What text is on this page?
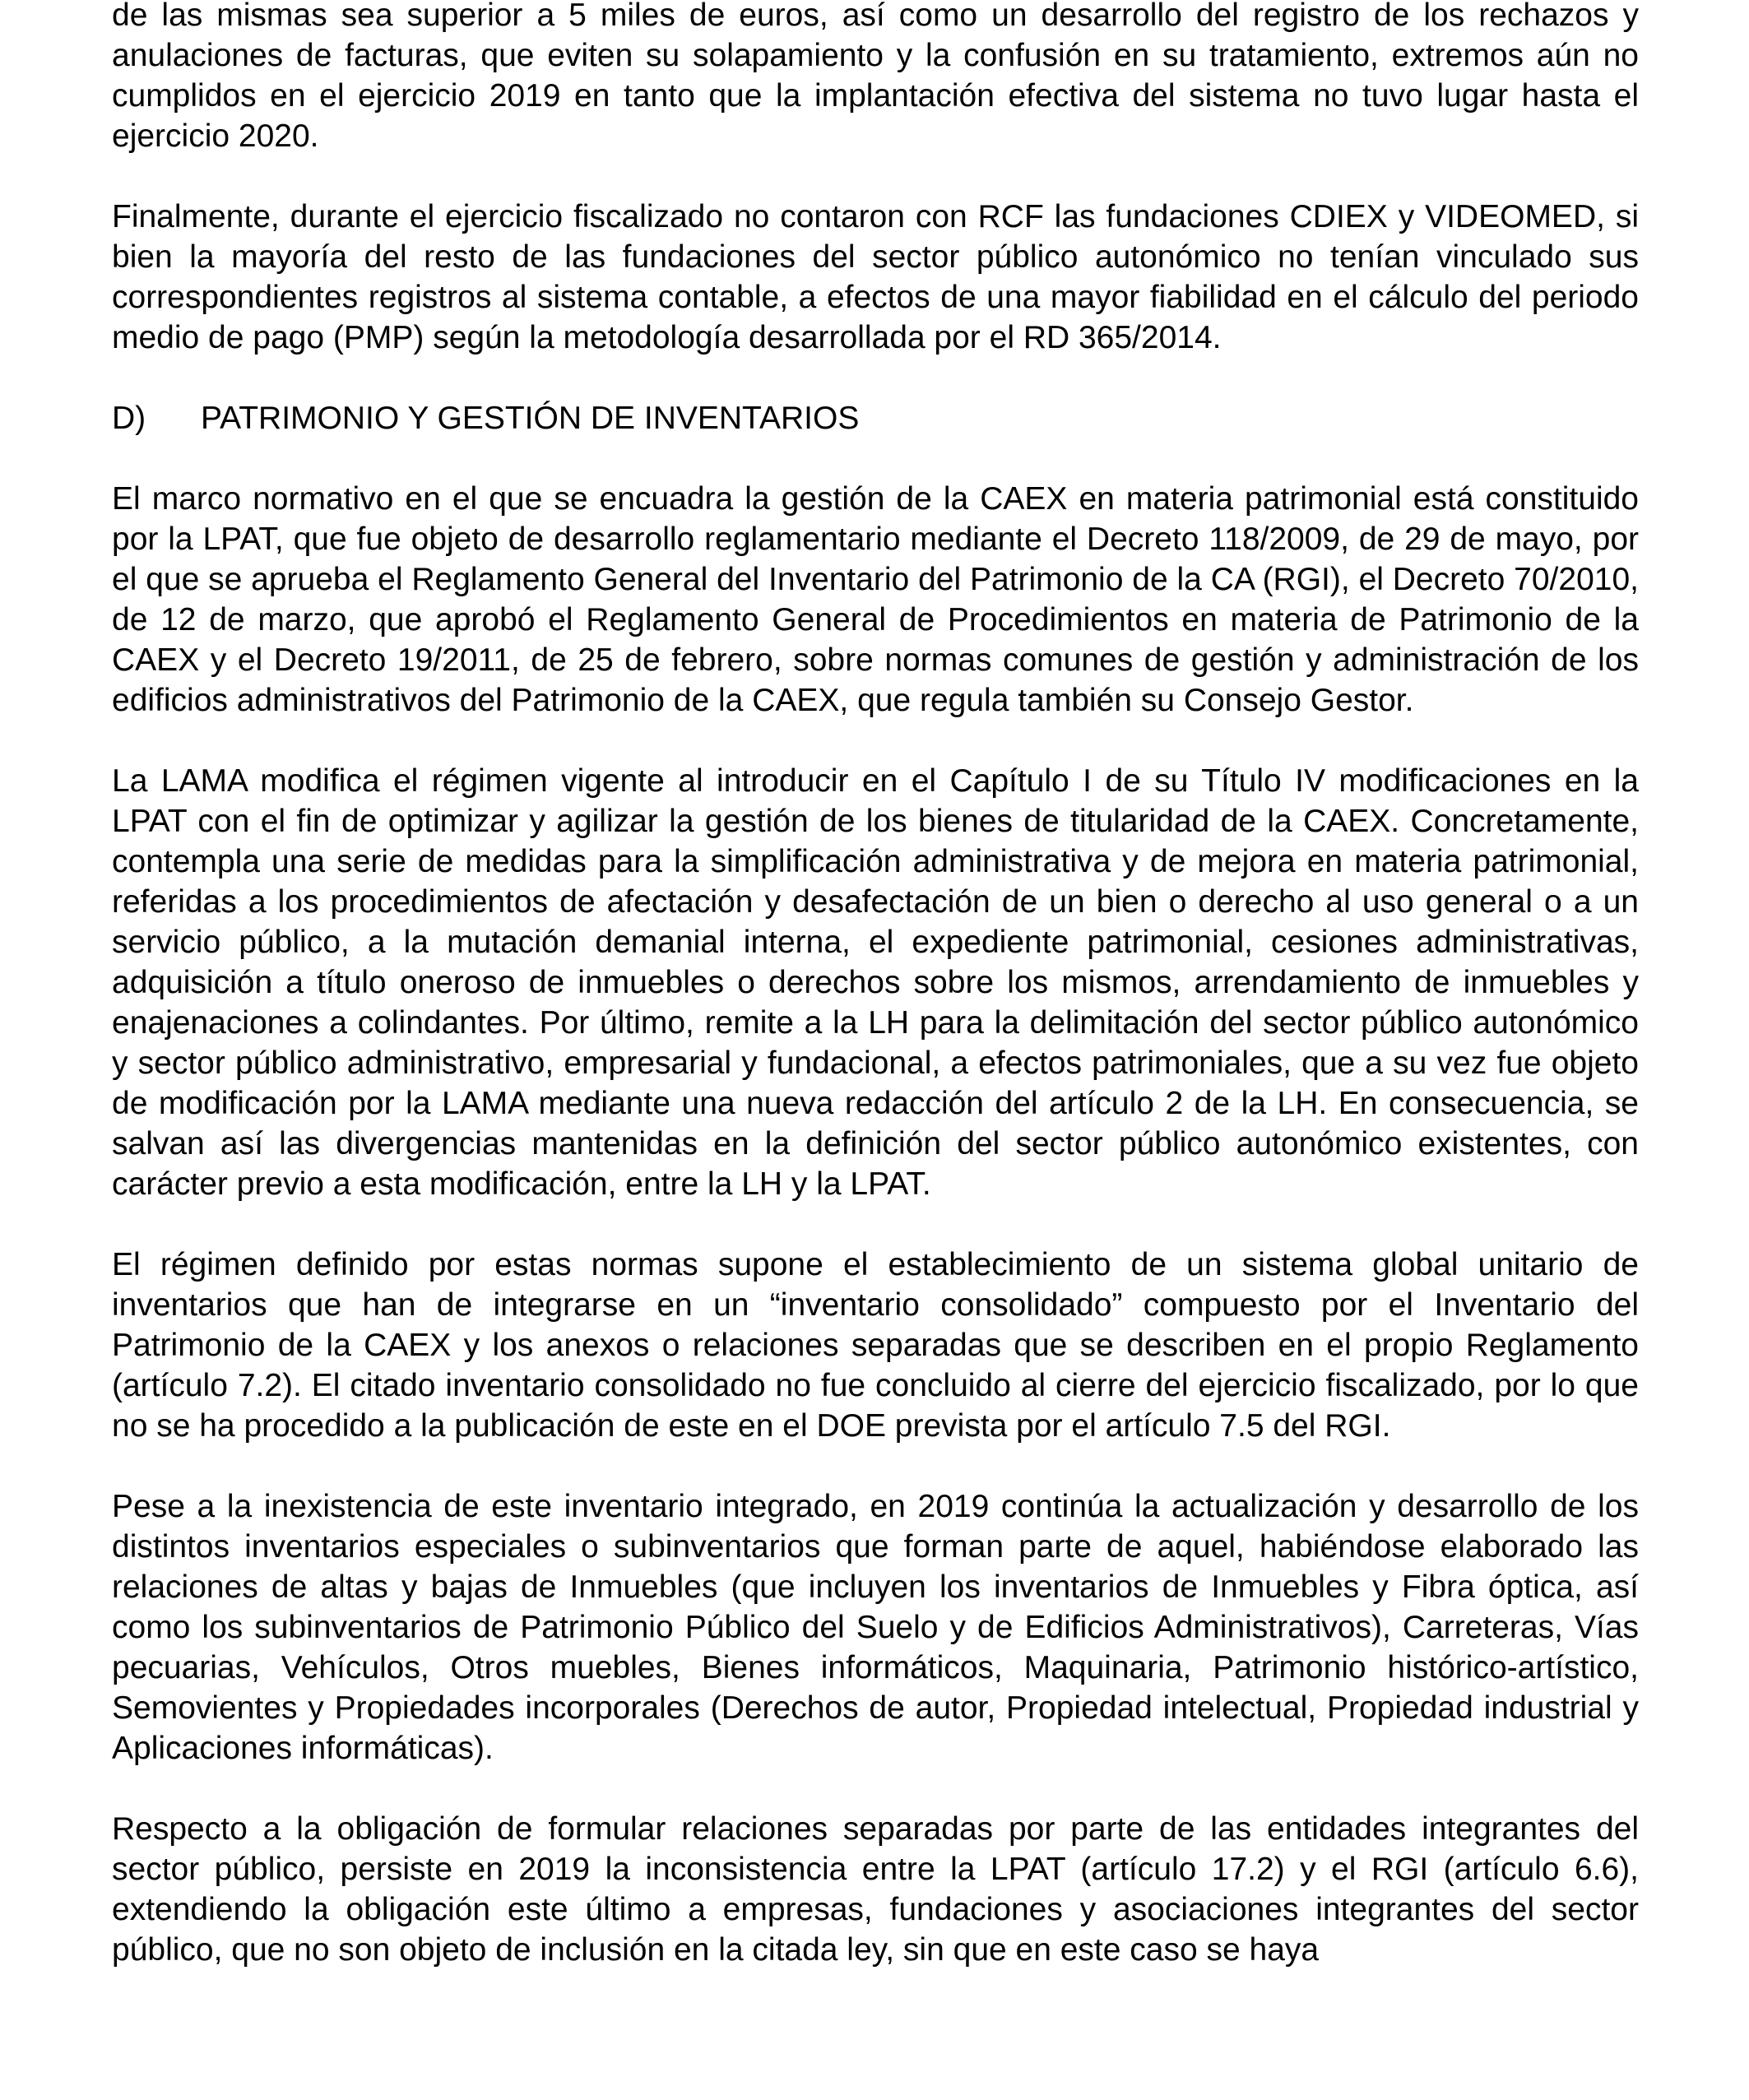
de las mismas sea superior a 5 miles de euros, así como un desarrollo del registro de los rechazos y anulaciones de facturas, que eviten su solapamiento y la confusión en su tratamiento, extremos aún no cumplidos en el ejercicio 2019 en tanto que la implantación efectiva del sistema no tuvo lugar hasta el ejercicio 2020.

Finalmente, durante el ejercicio fiscalizado no contaron con RCF las fundaciones CDIEX y VIDEOMED, si bien la mayoría del resto de las fundaciones del sector público autonómico no tenían vinculado sus correspondientes registros al sistema contable, a efectos de una mayor fiabilidad en el cálculo del periodo medio de pago (PMP) según la metodología desarrollada por el RD 365/2014.

D)	PATRIMONIO Y GESTIÓN DE INVENTARIOS

El marco normativo en el que se encuadra la gestión de la CAEX en materia patrimonial está constituido por la LPAT, que fue objeto de desarrollo reglamentario mediante el Decreto 118/2009, de 29 de mayo, por el que se aprueba el Reglamento General del Inventario del Patrimonio de la CA (RGI), el Decreto 70/2010, de 12 de marzo, que aprobó el Reglamento General de Procedimientos en materia de Patrimonio de la CAEX y el Decreto 19/2011, de 25 de febrero, sobre normas comunes de gestión y administración de los edificios administrativos del Patrimonio de la CAEX, que regula también su Consejo Gestor.

La LAMA modifica el régimen vigente al introducir en el Capítulo I de su Título IV modificaciones en la LPAT con el fin de optimizar y agilizar la gestión de los bienes de titularidad de la CAEX. Concretamente, contempla una serie de medidas para la simplificación administrativa y de mejora en materia patrimonial, referidas a los procedimientos de afectación y desafectación de un bien o derecho al uso general o a un servicio público, a la mutación demanial interna, el expediente patrimonial, cesiones administrativas, adquisición a título oneroso de inmuebles o derechos sobre los mismos, arrendamiento de inmuebles y enajenaciones a colindantes. Por último, remite a la LH para la delimitación del sector público autonómico y sector público administrativo, empresarial y fundacional, a efectos patrimoniales, que a su vez fue objeto de modificación por la LAMA mediante una nueva redacción del artículo 2 de la LH. En consecuencia, se salvan así las divergencias mantenidas en la definición del sector público autonómico existentes, con carácter previo a esta modificación, entre la LH y la LPAT.

El régimen definido por estas normas supone el establecimiento de un sistema global unitario de inventarios que han de integrarse en un “inventario consolidado” compuesto por el Inventario del Patrimonio de la CAEX y los anexos o relaciones separadas que se describen en el propio Reglamento (artículo 7.2). El citado inventario consolidado no fue concluido al cierre del ejercicio fiscalizado, por lo que no se ha procedido a la publicación de este en el DOE prevista por el artículo 7.5 del RGI.

Pese a la inexistencia de este inventario integrado, en 2019 continúa la actualización y desarrollo de los distintos inventarios especiales o subinventarios que forman parte de aquel, habiéndose elaborado las relaciones de altas y bajas de Inmuebles (que incluyen los inventarios de Inmuebles y Fibra óptica, así como los subinventarios de Patrimonio Público del Suelo y de Edificios Administrativos), Carreteras, Vías pecuarias, Vehículos, Otros muebles, Bienes informáticos, Maquinaria, Patrimonio histórico-artístico, Semovientes y Propiedades incorporales (Derechos de autor, Propiedad intelectual, Propiedad industrial y Aplicaciones informáticas).

Respecto a la obligación de formular relaciones separadas por parte de las entidades integrantes del sector público, persiste en 2019 la inconsistencia entre la LPAT (artículo 17.2) y el RGI (artículo 6.6), extendiendo la obligación este último a empresas, fundaciones y asociaciones integrantes del sector público, que no son objeto de inclusión en la citada ley, sin que en este caso se haya
